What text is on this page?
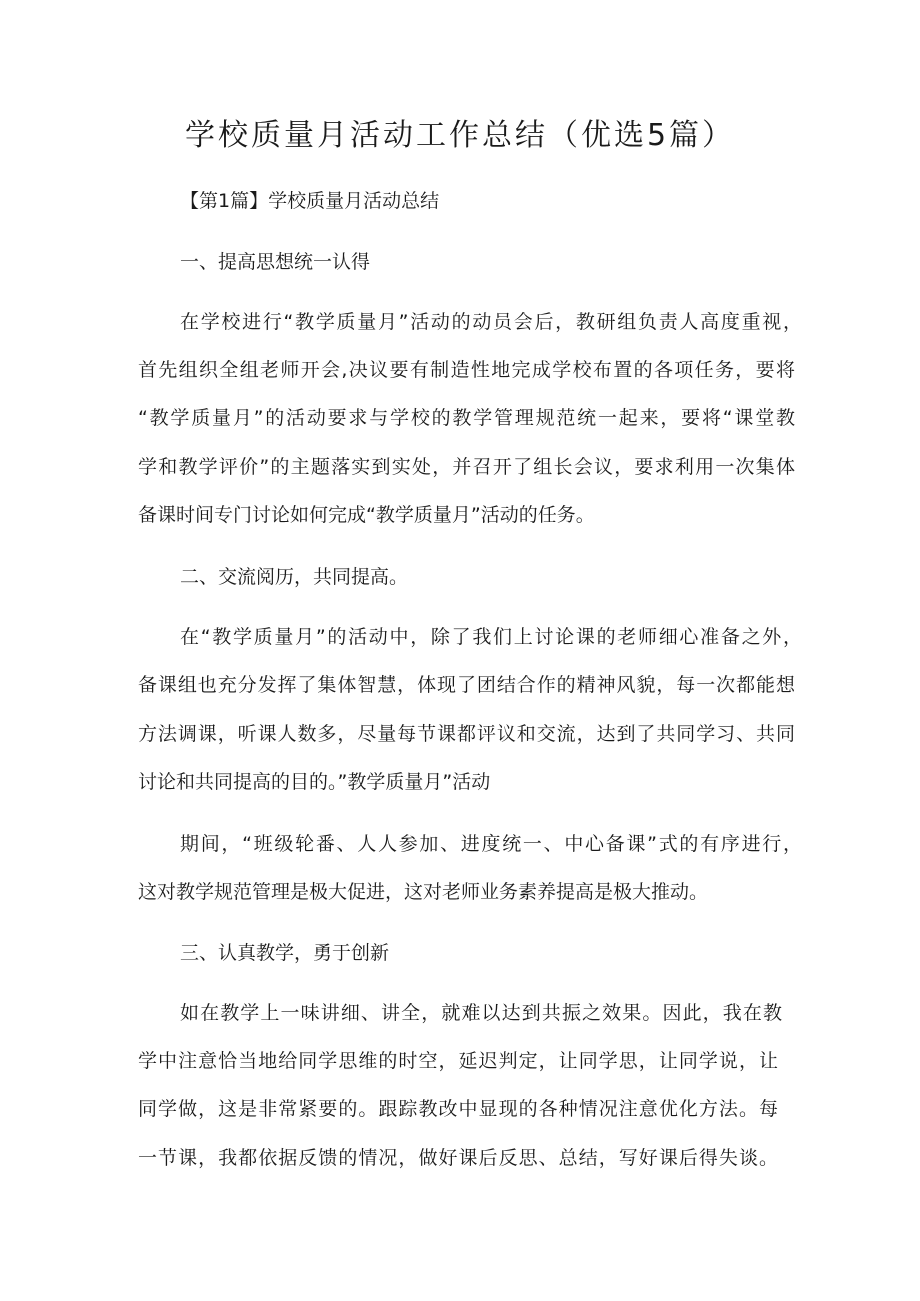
学校质量月活动工作总结（优选5篇）

【第1篇】学校质量月活动总结

一、提高思想统一认得

在学校进行“教学质量月”活动的动员会后，教研组负责人高度重视，

首先组织全组老师开会,决议要有制造性地完成学校布置的各项任务，要将

“教学质量月”的活动要求与学校的教学管理规范统一起来，要将“课堂教

学和教学评价”的主题落实到实处，并召开了组长会议，要求利用一次集体

备课时间专门讨论如何完成“教学质量月”活动的任务。

二、交流阅历，共同提高。

在“教学质量月”的活动中，除了我们上讨论课的老师细心准备之外，

备课组也充分发挥了集体智慧，体现了团结合作的精神风貌，每一次都能想

方法调课，听课人数多，尽量每节课都评议和交流，达到了共同学习、共同

讨论和共同提高的目的。”教学质量月”活动

期间，“班级轮番、人人参加、进度统一、中心备课”式的有序进行，

这对教学规范管理是极大促进，这对老师业务素养提高是极大推动。

三、认真教学，勇于创新

如在教学上一味讲细、讲全，就难以达到共振之效果。因此，我在教

学中注意恰当地给同学思维的时空，延迟判定，让同学思，让同学说，让

同学做，这是非常紧要的。跟踪教改中显现的各种情况注意优化方法。每

一节课，我都依据反馈的情况，做好课后反思、总结，写好课后得失谈。
